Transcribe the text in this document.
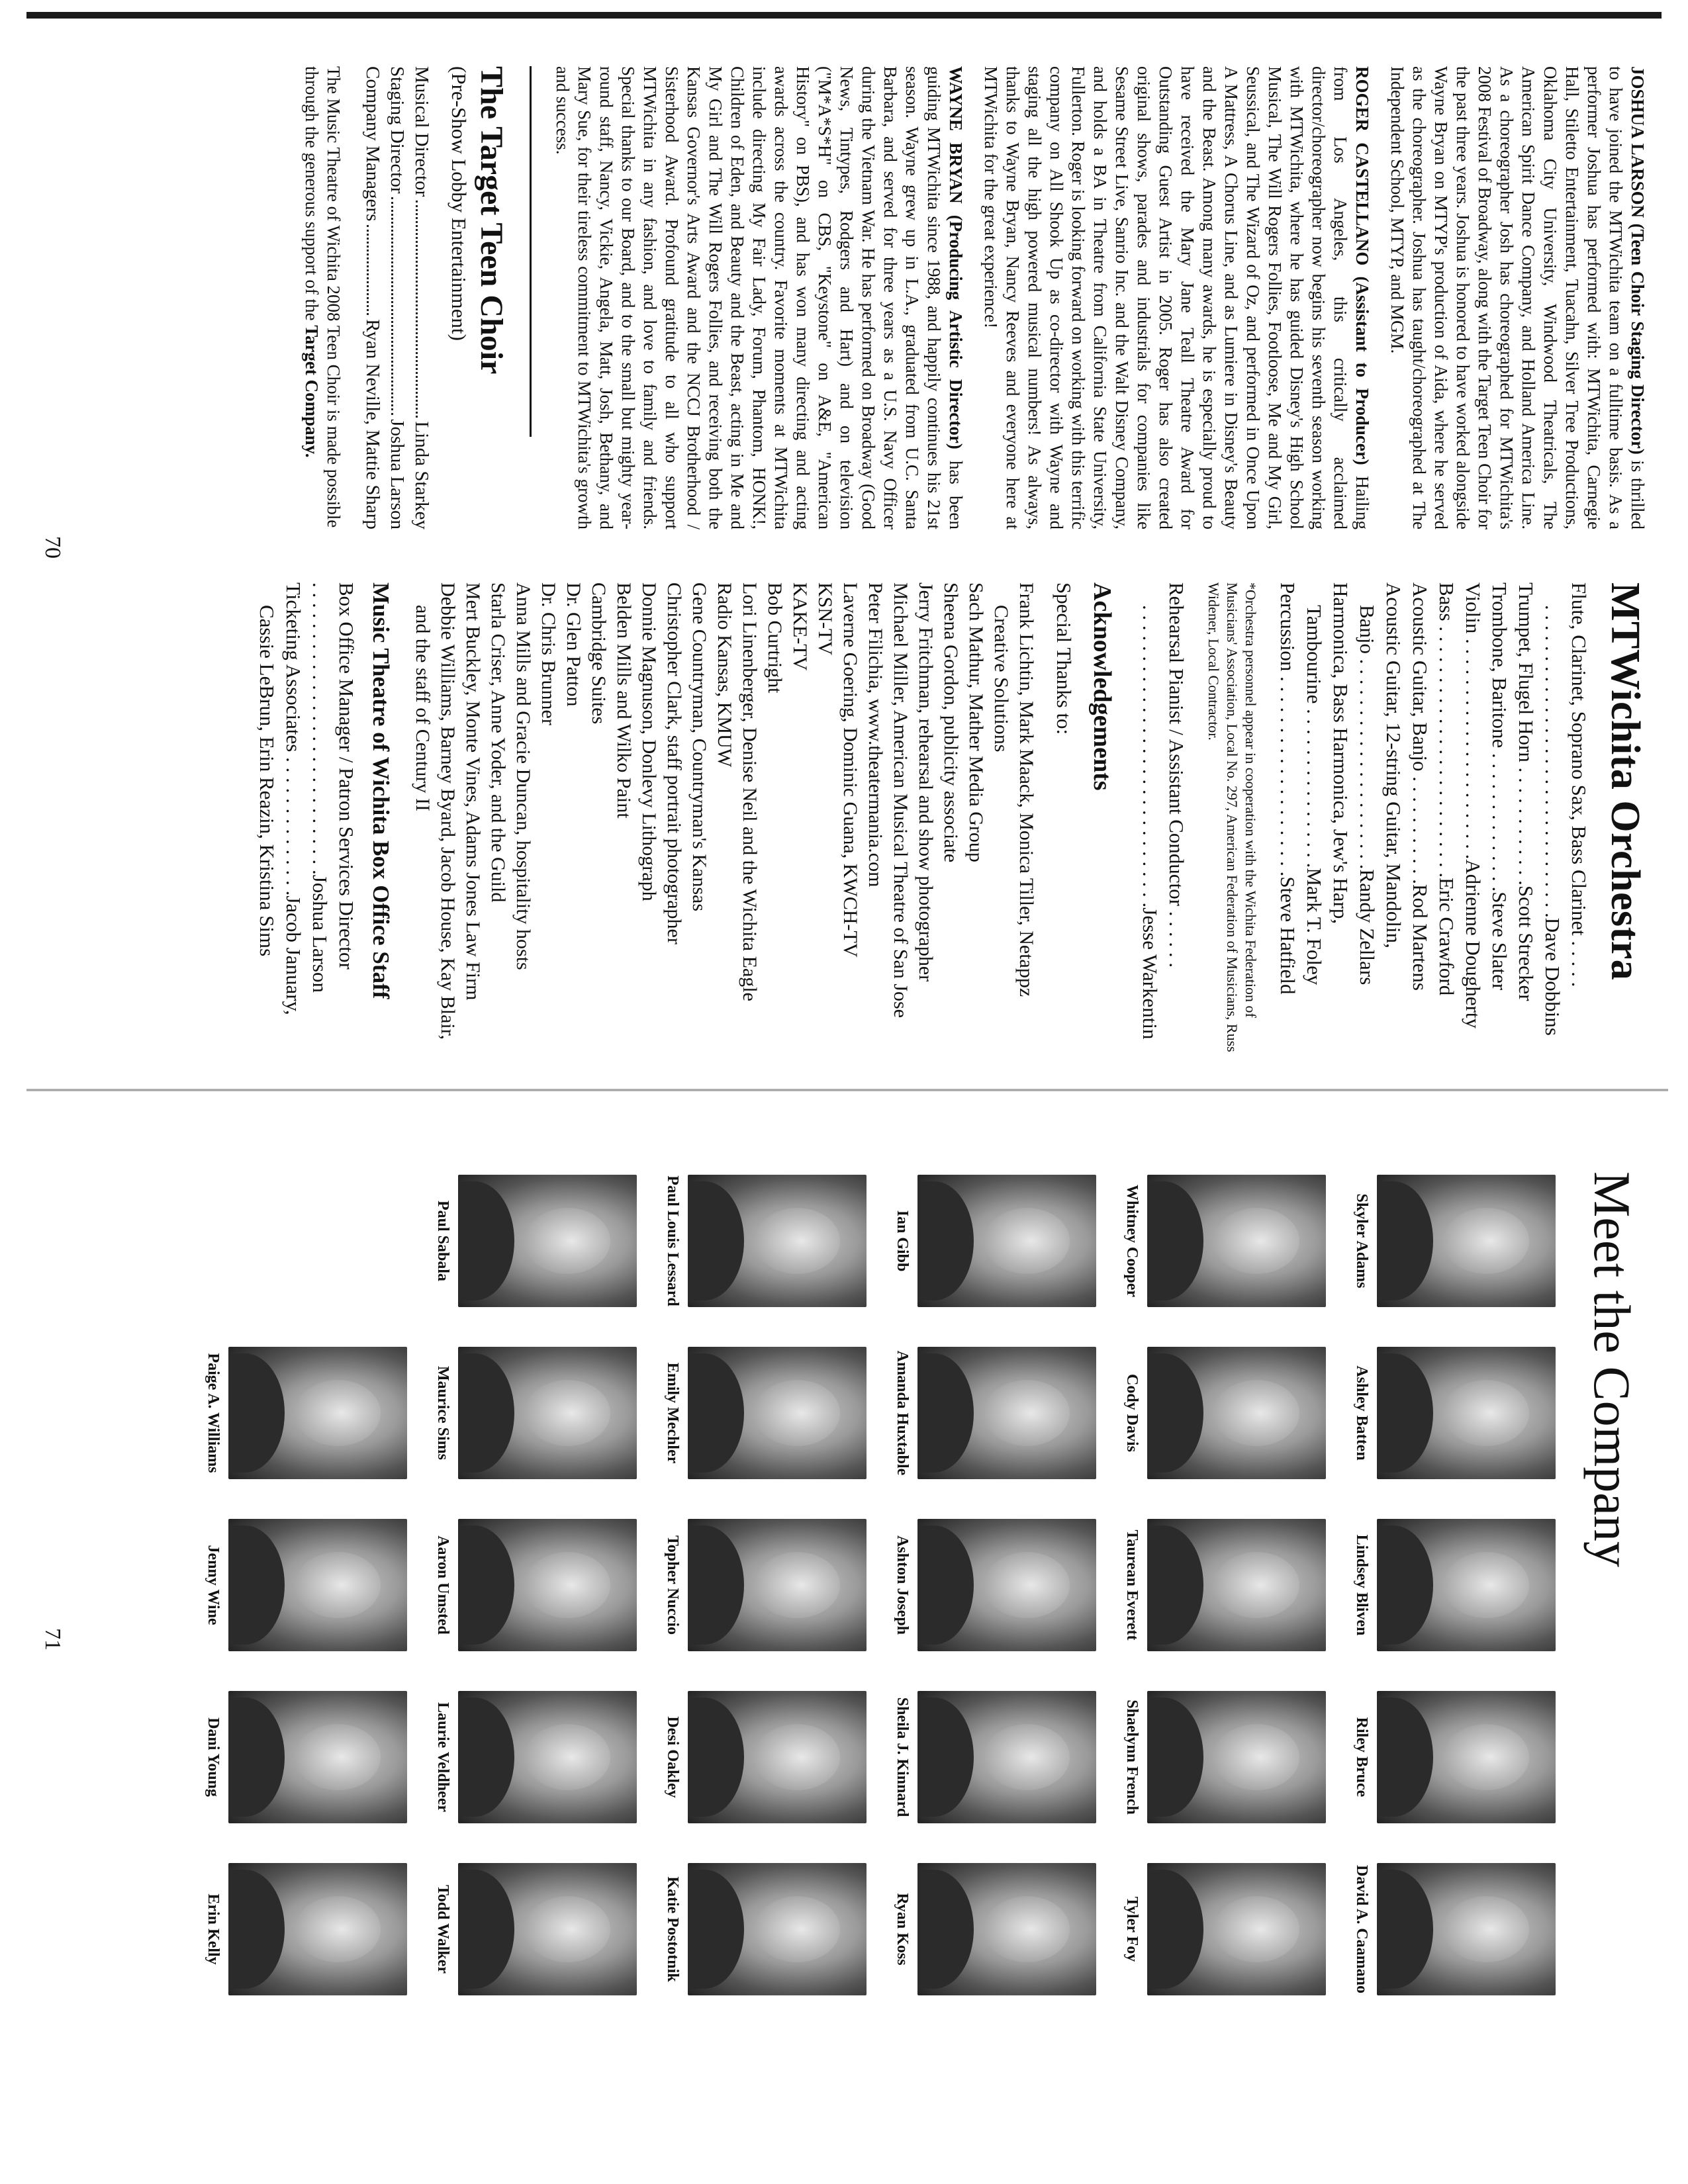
JOSHUA LARSON (Teen Choir Staging Director) is thrilled to have joined the MTWichita team on a fulltime basis. As a performer Joshua has performed with: MTWichita, Carnegie Hall, Stiletto Entertainment, Tuacahn, Silver Tree Productions, Oklahoma City University, Windwood Theatricals, The American Spirit Dance Company, and Holland America Line. As a choreographer Josh has choreographed for MTWichita's 2008 Festival of Broadway, along with the Target Teen Choir for the past three years. Joshua is honored to have worked alongside Wayne Bryan on MTYP's production of Aida, where he served as the choreographer. Joshua has taught/choreographed at The Independent School, MTYP, and MGM.

ROGER CASTELLANO (Assistant to Producer) Hailing from Los Angeles, this critically acclaimed director/choreographer now begins his seventh season working with MTWichita, where he has guided Disney's High School Musical, The Will Rogers Follies, Footloose, Me and My Girl, Seussical, and The Wizard of Oz, and performed in Once Upon A Mattress, A Chorus Line, and as Lumiere in Disney's Beauty and the Beast. Among many awards, he is especially proud to have received the Mary Jane Teall Theatre Award for Outstanding Guest Artist in 2005. Roger has also created original shows, parades and industrials for companies like Sesame Street Live, Sanrio Inc. and the Walt Disney Company, and holds a BA in Theatre from California State University, Fullerton. Roger is looking forward on working with this terrific company on All Shook Up as co-director with Wayne and staging all the high powered musical numbers! As always, thanks to Wayne Bryan, Nancy Reeves and everyone here at MTWichita for the great experience!

WAYNE BRYAN (Producing Artistic Director) has been guiding MTWichita since 1988, and happily continues his 21st season. Wayne grew up in L.A., graduated from U.C. Santa Barbara, and served for three years as a U.S. Navy Officer during the Vietnam War. He has performed on Broadway (Good News, Tintypes, Rodgers and Hart) and on television ("M*A*S*H" on CBS, "Keystone" on A&E, "American History" on PBS), and has won many directing and acting awards across the country. Favorite moments at MTWichita include directing My Fair Lady, Forum, Phantom, HONK!, Children of Eden, and Beauty and the Beast, acting in Me and My Girl and The Will Rogers Follies, and receiving both the Kansas Governor's Arts Award and the NCCJ Brotherhood / Sisterhood Award. Profound gratitude to all who support MTWichita in any fashion, and love to family and friends. Special thanks to our Board, and to the small but mighty year-round staff, Nancy, Vickie, Angela, Matt, Josh, Bethany, and Mary Sue, for their tireless commitment to MTWichita's growth and success.

The Target Teen Choir
(Pre-Show Lobby Entertainment)
Musical Director
Linda Starkey
Staging Director
Joshua Larson
Company Managers
Ryan Neville, Mattie Sharp
The Music Theatre of Wichita 2008 Teen Choir is made possible through the generous support of the Target Company.
MTWichita Orchestra
Flute, Clarinet, Soprano Sax, Bass Clarinet . . . . .
. . . . . . . . . . . . . . . . . . . . . . . . . . . . . . .Dave Dobbins
Trumpet, Flugel Horn . . . . . . . . . . . .Scott Strecker
Trombone, Baritone . . . . . . . . . . . . . .Steve Slater
Violin . . . . . . . . . . . . . . . . . . . . . .Adrienne Dougherty
Bass . . . . . . . . . . . . . . . . . . . . . . . . .Eric Crawford
Acoustic Guitar, Banjo . . . . . . . . . . .Rod Martens
Acoustic Guitar, 12-string Guitar, Mandolin,
Banjo . . . . . . . . . . . . . . . . . . . . .Randy Zellars
Harmonica, Bass Harmonica, Jew's Harp,
Tambourine . . . . . . . . . . . . . . . .Mark T. Foley
Percussion . . . . . . . . . . . . . . . . . . . .Steve Hatfield
*Orchestra personnel appear in cooperation with the Wichita Federation of Musicians' Association, Local No. 297, American Federation of Musicians, Russ Widener, Local Contractor.
Rehearsal Pianist / Assistant Conductor . . . . . .
. . . . . . . . . . . . . . . . . . . . . . . . . . . . . .Jesse Warkentin
Acknowledgements
Special Thanks to:
Frank Lichtin, Mark Maack, Monica Tiller, Netappz Creative Solutions
Sach Mathur, Mather Media Group
Sheena Gordon, publicity associate
Jerry Fritchman, rehearsal and show photographer
Michael Miller, American Musical Theatre of San Jose
Peter Filichia, www.theatermania.com
Laverne Goering, Dominic Guana, KWCH-TV
KSN-TV
KAKE-TV
Bob Curtright
Lori Linenberger, Denise Neil and the Wichita Eagle
Radio Kansas, KMUW
Gene Countryman, Countryman's Kansas
Christopher Clark, staff portrait photographer
Donnie Magnuson, Donlevy Lithograph
Belden Mills and Wilko Paint
Cambridge Suites
Dr. Glen Patton
Dr. Chris Brunner
Anna Mills and Gracie Duncan, hospitality hosts
Starla Criser, Anne Yoder, and the Guild
Mert Buckley, Monte Vines, Adams Jones Law Firm
Debbie Williams, Barney Byard, Jacob House, Kay Blair, and the staff of Century II
Music Theatre of Wichita Box Office Staff
Box Office Manager / Patron Services Director
. . . . . . . . . . . . . . . . . . . . . . . . . . . . .Joshua Larson
Ticketing Associates . . . . . . . . . . . . . .Jacob January,
Cassie LeBrun, Erin Reazin, Kristina Sims
70
Meet the Company
Skyler Adams
Ashley Batten
Lindsey Bliven
Riley Bruce
David A. Caamano
Whitney Cooper
Cody Davis
Taurean Everett
Shaelynn French
Tyler Foy
Ian Gibb
Amanda Huxtable
Ashton Joseph
Sheila J. Kinnard
Ryan Koss
Paul Louis Lessard
Emily Mechler
Topher Nuccio
Desi Oakley
Katie Postotnik
Paul Sabala
Maurice Sims
Aaron Umsted
Laurie Veldheer
Todd Walker
Paige A. Williams
Jenny Wine
Dani Young
Erin Kelly
71
